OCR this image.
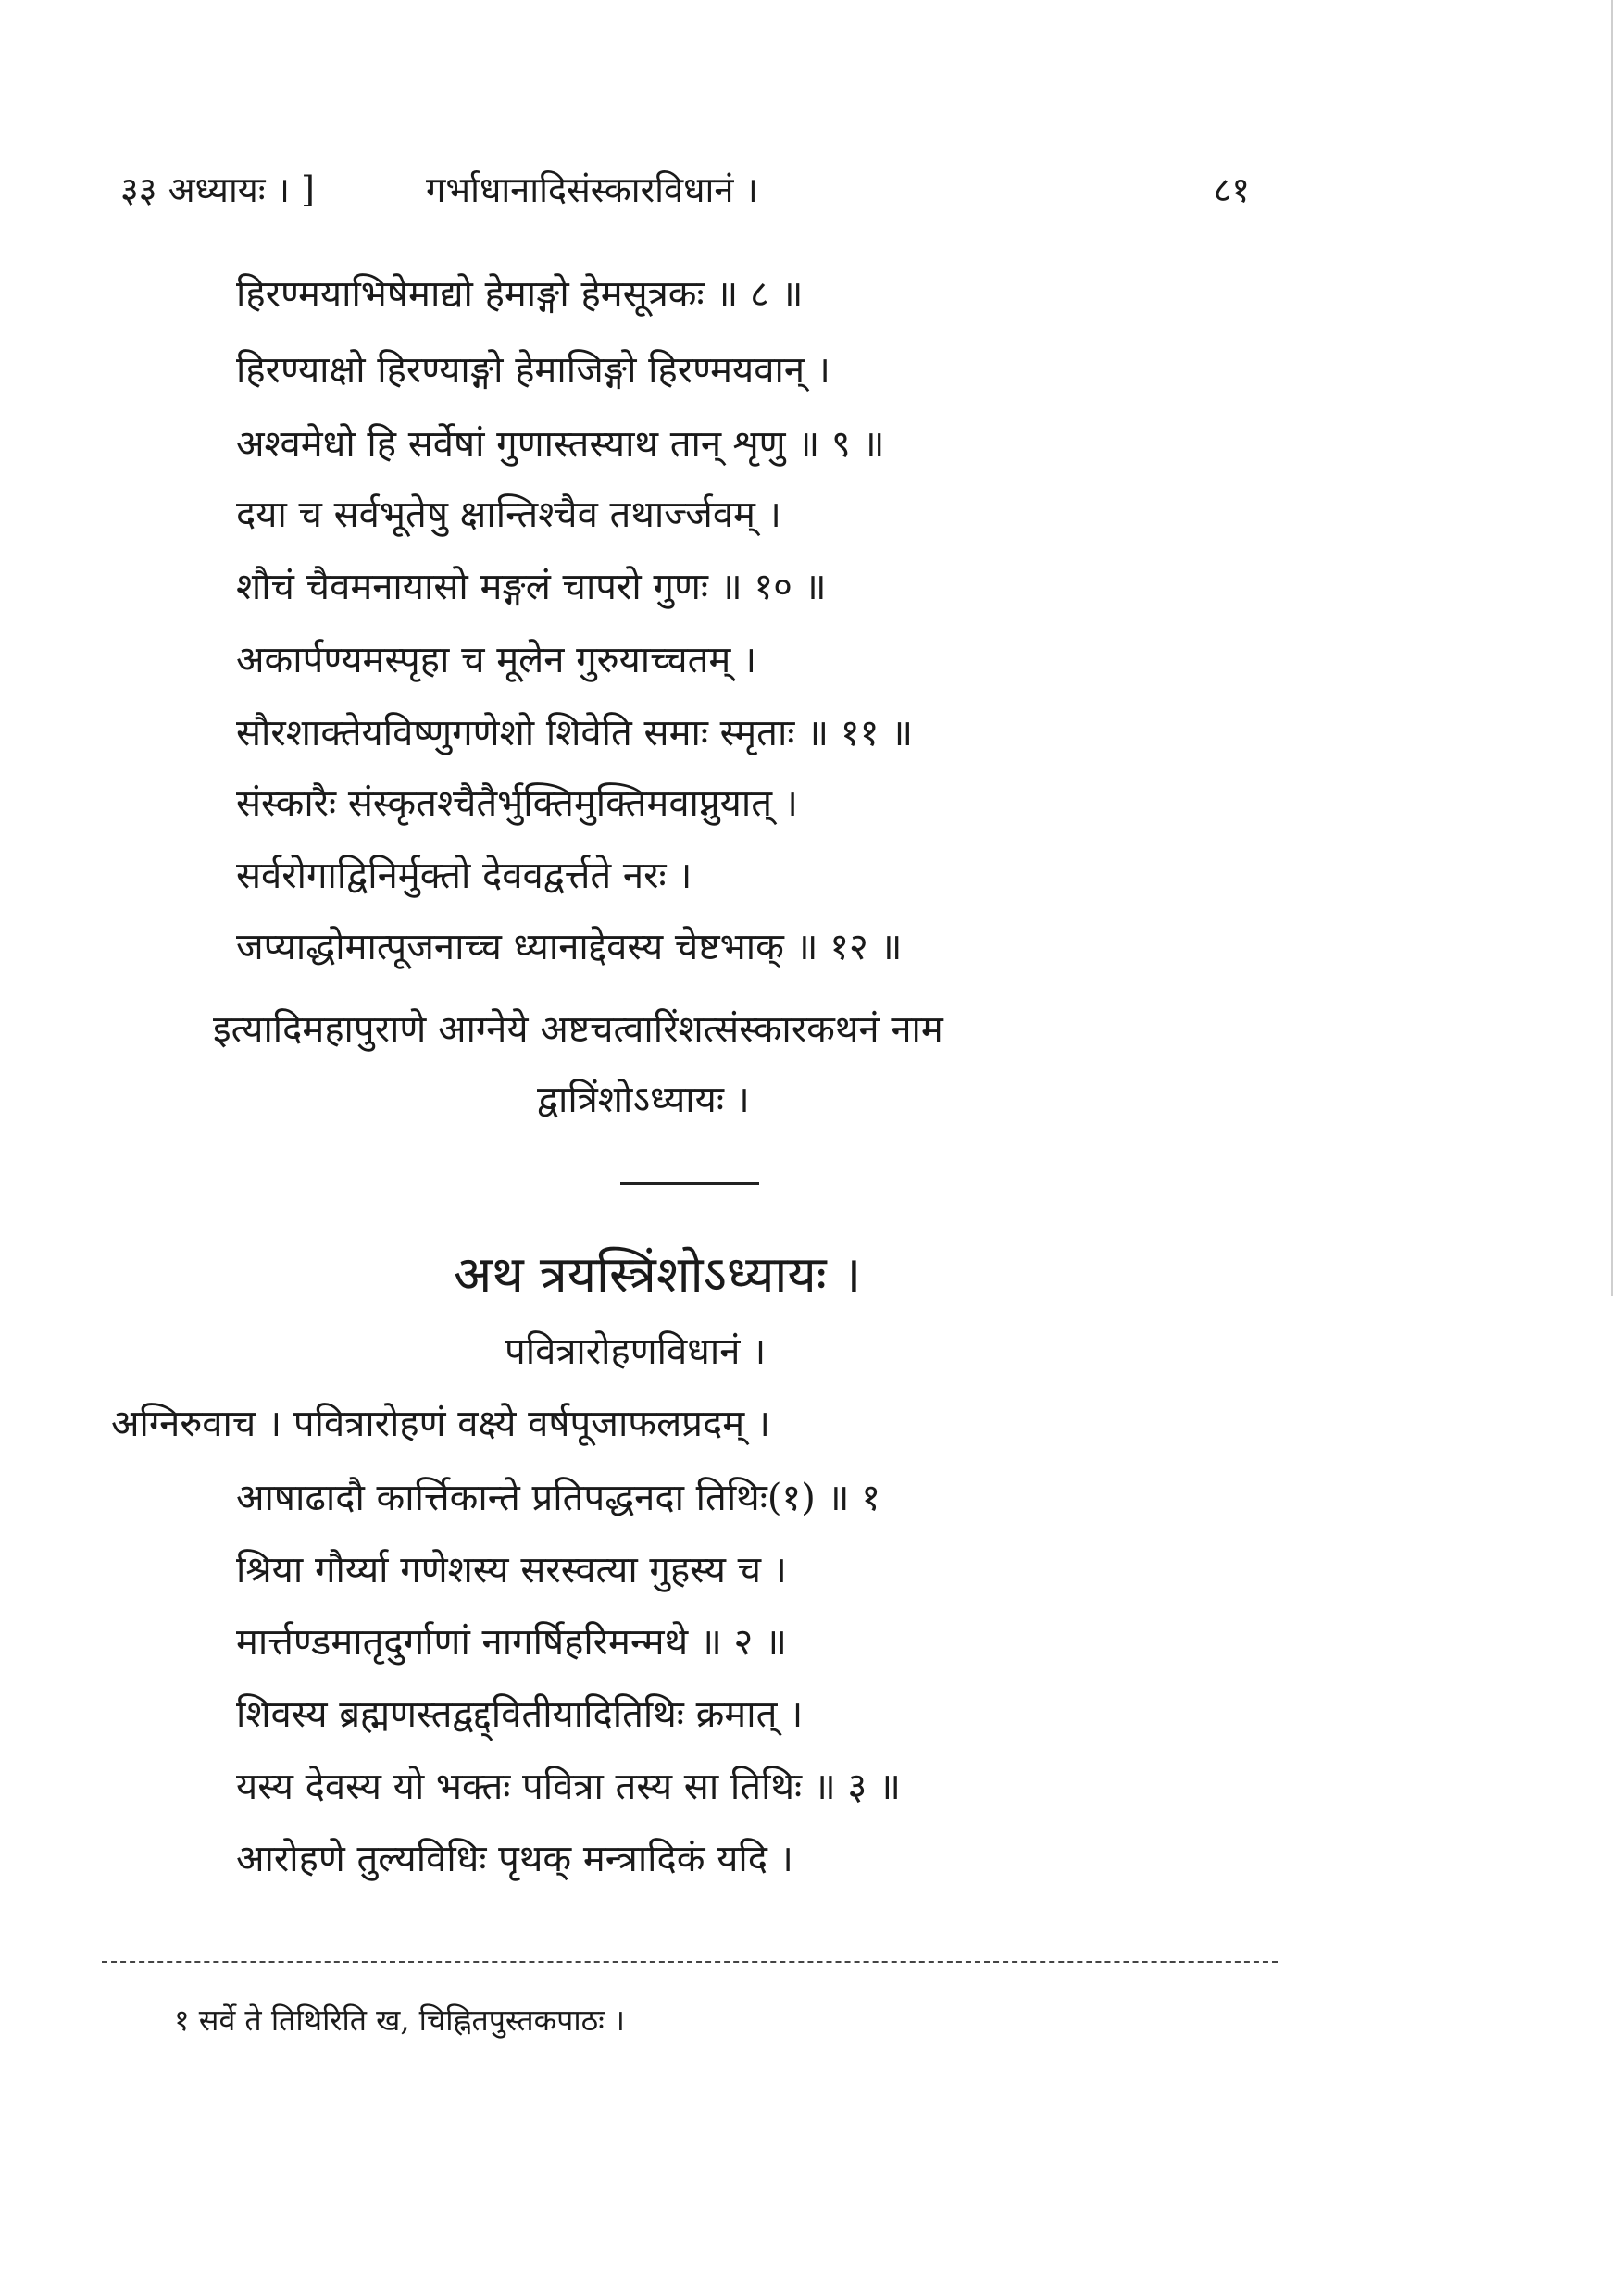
३३ अध्यायः । ]	गर्भाधानादिसंस्कारविधानं ।	८१
हिरण्मयाभिषेमाद्यो हेमाङ्गो हेमसूत्रकः ॥ ८ ॥
हिरण्याक्षो हिरण्याङ्गो हेमाजिङ्गो हिरण्मयवान् ।
अश्वमेधो हि सर्वेषां गुणास्तस्याथ तान् शृणु ॥ ९ ॥
दया च सर्वभूतेषु क्षान्तिश्चैव तथार्ज्जवम् ।
शौचं चैवमनायासो मङ्गलं चापरो गुणः ॥ १० ॥
अकार्पण्यमस्पृहा च मूलेन गुरुयाच्चतम् ।
सौरशाक्तेयविष्णुगणेशो शिवेति समाः स्मृताः ॥ ११ ॥
संस्कारैः संस्कृतश्चैतैर्भुक्तिमुक्तिमवाप्नुयात् ।
सर्वरोगाद्विनिर्मुक्तो देववद्वर्त्तते नरः ।
जप्याद्धोमात्पूजनाच्च ध्यानाद्देवस्य चेष्टभाक् ॥ १२ ॥
इत्यादिमहापुराणे आग्नेये अष्टचत्वारिंशत्संस्कारकथनं नाम
द्वात्रिंशोऽध्यायः ।
अथ त्रयस्त्रिंशोऽध्यायः ।
पवित्रारोहणविधानं ।
अग्निरुवाच । पवित्रारोहणं वक्ष्ये वर्षपूजाफलप्रदम् ।
आषाढादौ कार्त्तिकान्ते प्रतिपद्धनदा तिथिः(१) ॥ १
श्रिया गौर्य्या गणेशस्य सरस्वत्या गुहस्य च ।
मार्त्तण्डमातृदुर्गाणां नागर्षिहरिमन्मथे ॥ २ ॥
शिवस्य ब्रह्मणस्तद्वद्द्वितीयादितिथिः क्रमात् ।
यस्य देवस्य यो भक्तः पवित्रा तस्य सा तिथिः ॥ ३ ॥
आरोहणे तुल्यविधिः पृथक् मन्त्रादिकं यदि ।
१ सर्वे ते तिथिरिति ख, चिह्नितपुस्तकपाठः ।
